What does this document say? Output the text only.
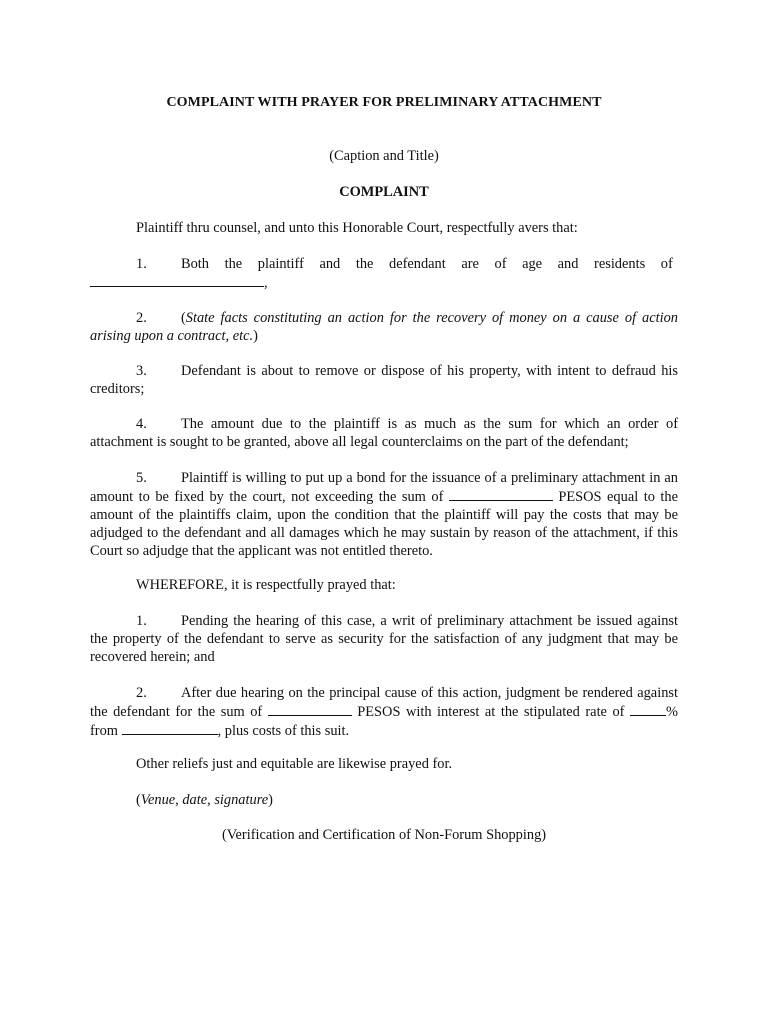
COMPLAINT WITH PRAYER FOR PRELIMINARY ATTACHMENT
(Caption and Title)
COMPLAINT

Plaintiff thru counsel, and unto this Honorable Court, respectfully avers that:

1. Both the plaintiff and the defendant are of age and residents of
,

2. (State facts constituting an action for the recovery of money on a cause of action arising upon a contract, etc.)

3. Defendant is about to remove or dispose of his property, with intent to defraud his creditors;

4. The amount due to the plaintiff is as much as the sum for which an order of attachment is sought to be granted, above all legal counterclaims on the part of the defendant;

5. Plaintiff is willing to put up a bond for the issuance of a preliminary attachment in an amount to be fixed by the court, not exceeding the sum of	PESOS equal to the amount of the plaintiffs claim, upon the condition that the plaintiff will pay the costs that may be adjudged to the defendant and all damages which he may sustain by reason of the attachment, if this Court so adjudge that the applicant was not entitled thereto.

WHEREFORE, it is respectfully prayed that:

1. Pending the hearing of this case, a writ of preliminary attachment be issued against the property of the defendant to serve as security for the satisfaction of any judgment that may be recovered herein; and

2. After due hearing on the principal cause of this action, judgment be rendered against the defendant for the sum of	PESOS with interest at the stipulated rate of	% from	, plus costs of this suit.

Other reliefs just and equitable are likewise prayed for.

(Venue, date, signature)

(Verification and Certification of Non-Forum Shopping)
